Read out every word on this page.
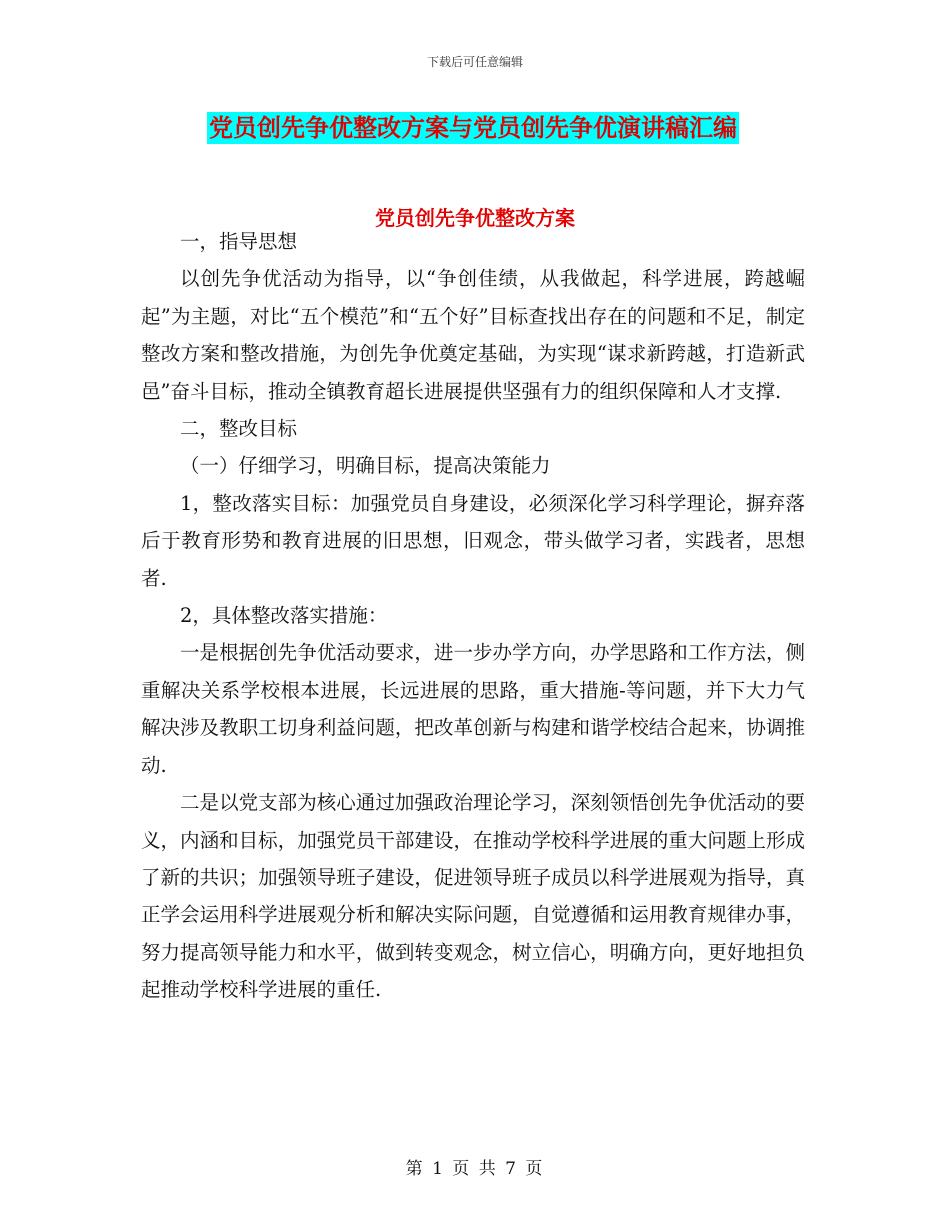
下载后可任意编辑
党员创先争优整改方案与党员创先争优演讲稿汇编
党员创先争优整改方案

一，指导思想

以创先争优活动为指导，以“争创佳绩，从我做起，科学进展，跨越崛起”为主题，对比“五个模范”和“五个好”目标查找出存在的问题和不足，制定整改方案和整改措施，为创先争优奠定基础，为实现“谋求新跨越，打造新武邑”奋斗目标，推动全镇教育超长进展提供坚强有力的组织保障和人才支撑.

二，整改目标

（一）仔细学习，明确目标，提高决策能力

1，整改落实目标：加强党员自身建设，必须深化学习科学理论，摒弃落后于教育形势和教育进展的旧思想，旧观念，带头做学习者，实践者，思想者.

2，具体整改落实措施：

一是根据创先争优活动要求，进一步办学方向，办学思路和工作方法，侧重解决关系学校根本进展，长远进展的思路，重大措施-等问题，并下大力气解决涉及教职工切身利益问题，把改革创新与构建和谐学校结合起来，协调推动.

二是以党支部为核心通过加强政治理论学习，深刻领悟创先争优活动的要义，内涵和目标，加强党员干部建设，在推动学校科学进展的重大问题上形成了新的共识；加强领导班子建设，促进领导班子成员以科学进展观为指导，真正学会运用科学进展观分析和解决实际问题，自觉遵循和运用教育规律办事，努力提高领导能力和水平，做到转变观念，树立信心，明确方向，更好地担负起推动学校科学进展的重任.

第 1 页 共 7 页
